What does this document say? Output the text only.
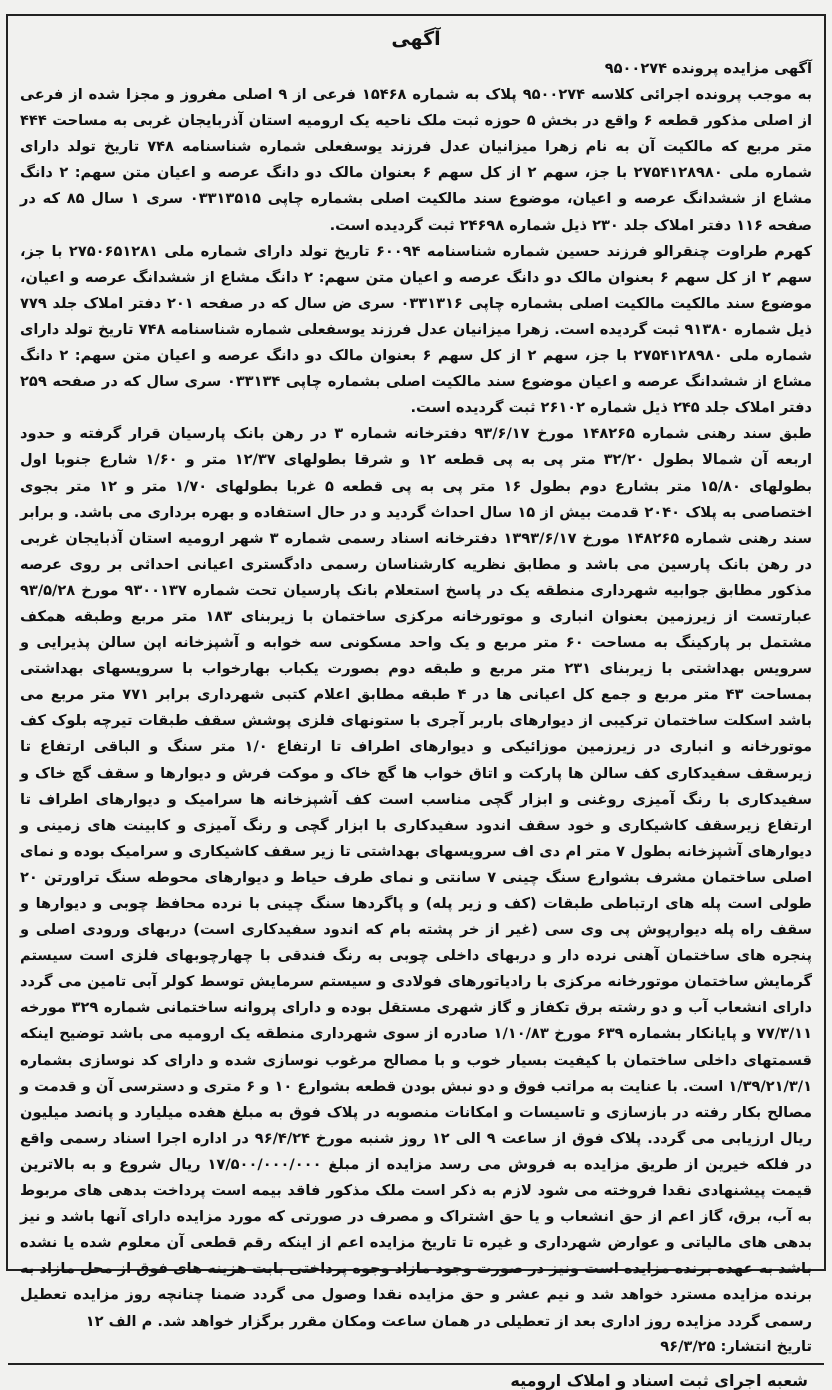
آگهی

آگهی مزایده پرونده ۹۵۰۰۲۷۴

به موجب پرونده اجرائی کلاسه ۹۵۰۰۲۷۴ پلاک به شماره ۱۵۴۶۸ فرعی از ۹ اصلی مفروز و مجزا شده از فرعی از اصلی مذکور قطعه ۶ واقع در بخش ۵ حوزه ثبت ملک ناحیه یک ارومیه استان آذربایجان غربی به مساحت ۴۴۴ متر مربع که مالکیت آن به نام زهرا میزانیان عدل فرزند یوسفعلی شماره شناسنامه ۷۴۸ تاریخ تولد دارای شماره ملی ۲۷۵۴۱۲۸۹۸۰ با جز، سهم ۲ از کل سهم ۶ بعنوان مالک دو دانگ عرصه و اعیان متن سهم: ۲ دانگ مشاع از ششدانگ عرصه و اعیان، موضوع سند مالکیت اصلی بشماره چاپی ۰۳۳۱۳۵۱۵ سری ۱ سال ۸۵ که در صفحه ۱۱۶ دفتر املاک جلد ۲۳۰ ذیل شماره ۲۴۶۹۸ ثبت گردیده است.

کهرم طراوت چنقرالو فرزند حسین شماره شناسنامه ۶۰۰۹۴ تاریخ تولد دارای شماره ملی ۲۷۵۰۶۵۱۲۸۱ با جز، سهم ۲ از کل سهم ۶ بعنوان مالک دو دانگ عرصه و اعیان متن سهم: ۲ دانگ مشاع از ششدانگ عرصه و اعیان، موضوع سند مالکیت مالکیت اصلی بشماره چاپی ۰۳۳۱۳۱۶ سری ض سال که در صفحه ۲۰۱ دفتر املاک جلد ۷۷۹ ذیل شماره ۹۱۳۸۰ ثبت گردیده است. زهرا میزانیان عدل فرزند یوسفعلی شماره شناسنامه ۷۴۸ تاریخ تولد دارای شماره ملی ۲۷۵۴۱۲۸۹۸۰ با جز، سهم ۲ از کل سهم ۶ بعنوان مالک دو دانگ عرصه و اعیان متن سهم: ۲ دانگ مشاع از ششدانگ عرصه و اعیان موضوع سند مالکیت اصلی بشماره چاپی ۰۳۳۱۳۴ سری سال که در صفحه ۲۵۹ دفتر املاک جلد ۲۴۵ ذیل شماره ۲۶۱۰۲ ثبت گردیده است.

طبق سند رهنی شماره ۱۴۸۲۶۵ مورخ ۹۳/۶/۱۷ دفترخانه شماره ۳ در رهن بانک پارسیان قرار گرفته و حدود اربعه آن شمالا بطول ۳۲/۲۰ متر پی به پی قطعه ۱۲ و شرقا بطولهای ۱۲/۳۷ متر و ۱/۶۰ شارع جنوبا اول بطولهای ۱۵/۸۰ متر بشارع دوم بطول ۱۶ متر پی به پی قطعه ۵ غربا بطولهای ۱/۷۰ متر و ۱۲ متر بجوی اختصاصی به پلاک ۲۰۴۰ قدمت بیش از ۱۵ سال احداث گردید و در حال استفاده و بهره برداری می باشد. و برابر سند رهنی شماره ۱۴۸۲۶۵ مورخ ۱۳۹۳/۶/۱۷ دفترخانه اسناد رسمی شماره ۳ شهر ارومیه استان آذبایجان غربی در رهن بانک پارسین می باشد و مطابق نظریه کارشناسان رسمی دادگستری اعیانی احداثی بر روی عرصه مذکور مطابق جوابیه شهرداری منطقه یک در پاسخ استعلام بانک پارسیان تحت شماره ۹۳۰۰۱۳۷ مورخ ۹۳/۵/۲۸ عبارتست از زیرزمین بعنوان انباری و موتورخانه مرکزی ساختمان با زیربنای ۱۸۳ متر مربع وطبقه همکف مشتمل بر پارکینگ به مساحت ۶۰ متر مربع و یک واحد مسکونی سه خوابه و آشپزخانه اپن سالن پذیرایی و سرویس بهداشتی با زیربنای ۲۳۱ متر مربع و طبقه دوم بصورت یکباب بهارخواب با سرویسهای بهداشتی بمساحت ۴۳ متر مربع و جمع کل اعیانی ها در ۴ طبقه مطابق اعلام کتبی شهرداری برابر ۷۷۱ متر مربع می باشد اسکلت ساختمان ترکیبی از دیوارهای باربر آجری با ستونهای فلزی پوشش سقف طبقات تیرچه بلوک کف موتورخانه و انباری در زیرزمین موزائیکی و دیوارهای اطراف تا ارتفاع ۱/۰ متر سنگ و الباقی ارتفاع تا زیرسقف سفیدکاری کف سالن ها پارکت و اتاق خواب ها گچ خاک و موکت فرش و دیوارها و سقف گچ خاک و سفیدکاری با رنگ آمیزی روغنی و ابزار گچی مناسب است کف آشپزخانه ها سرامیک و دیوارهای اطراف تا ارتفاع زیرسقف کاشیکاری و خود سقف اندود سفیدکاری با ابزار گچی و رنگ آمیزی و کابینت های زمینی و دیوارهای آشپزخانه بطول ۷ متر ام دی اف سرویسهای بهداشتی تا زیر سقف کاشیکاری و سرامیک بوده و نمای اصلی ساختمان مشرف بشوارع سنگ چینی ۷ سانتی و نمای طرف حیاط و دیوارهای محوطه سنگ تراورتن ۲۰ طولی است پله های ارتباطی طبقات (کف و زیر پله) و پاگردها سنگ چینی با نرده محافظ چوبی و دیوارها و سقف راه پله دیوارپوش پی وی سی (غیر از خر پشته بام که اندود سفیدکاری است) دربهای ورودی اصلی و پنجره های ساختمان آهنی نرده دار و دربهای داخلی چوبی به رنگ فندقی با چهارچوبهای فلزی است سیستم گرمایش ساختمان موتورخانه مرکزی با رادیاتورهای فولادی و سیستم سرمایش توسط کولر آبی تامین می گردد دارای انشعاب آب و دو رشته برق تکفاز و گاز شهری مستقل بوده و دارای پروانه ساختمانی شماره ۳۲۹ مورخه ۷۷/۳/۱۱ و پایانکار بشماره ۶۳۹ مورخ ۱/۱۰/۸۳ صادره از سوی شهرداری منطقه یک ارومیه می باشد توضیح اینکه قسمتهای داخلی ساختمان با کیفیت بسیار خوب و با مصالح مرغوب نوسازی شده و دارای کد نوسازی بشماره ۱/۳۹/۲۱/۳/۱ است. با عنایت به مراتب فوق و دو نبش بودن قطعه بشوارع ۱۰ و ۶ متری و دسترسی آن و قدمت و مصالح بکار رفته در بازسازی و تاسیسات و امکانات منصوبه در پلاک فوق به مبلغ هفده میلیارد و پانصد میلیون ریال ارزیابی می گردد. پلاک فوق از ساعت ۹ الی ۱۲ روز شنبه مورخ ۹۶/۴/۲۴ در اداره اجرا اسناد رسمی واقع در فلکه خیرین از طریق مزایده به فروش می رسد مزایده از مبلغ ۱۷/۵۰۰/۰۰۰/۰۰۰ ریال شروع و به بالاترین قیمت پیشنهادی نقدا فروخته می شود لازم به ذکر است ملک مذکور فاقد بیمه است پرداخت بدهی های مربوط به آب، برق، گاز اعم از حق انشعاب و یا حق اشتراک و مصرف در صورتی که مورد مزایده دارای آنها باشد و نیز بدهی های مالیاتی و عوارض شهرداری و غیره تا تاریخ مزایده اعم از اینکه رقم قطعی آن معلوم شده یا نشده باشد به عهده برنده مزایده است ونیز در صورت وجود مازاد وجوه پرداختی بابت هزینه های فوق از محل مازاد به برنده مزایده مسترد خواهد شد و نیم عشر و حق مزایده نقدا وصول می گردد ضمنا چنانچه روز مزایده تعطیل رسمی گردد مزایده روز اداری بعد از تعطیلی در همان ساعت ومکان مقرر برگزار خواهد شد. م الف ۱۲

تاریخ انتشار: ۹۶/۳/۲۵

شعبه اجرای ثبت اسناد و املاک ارومیه
